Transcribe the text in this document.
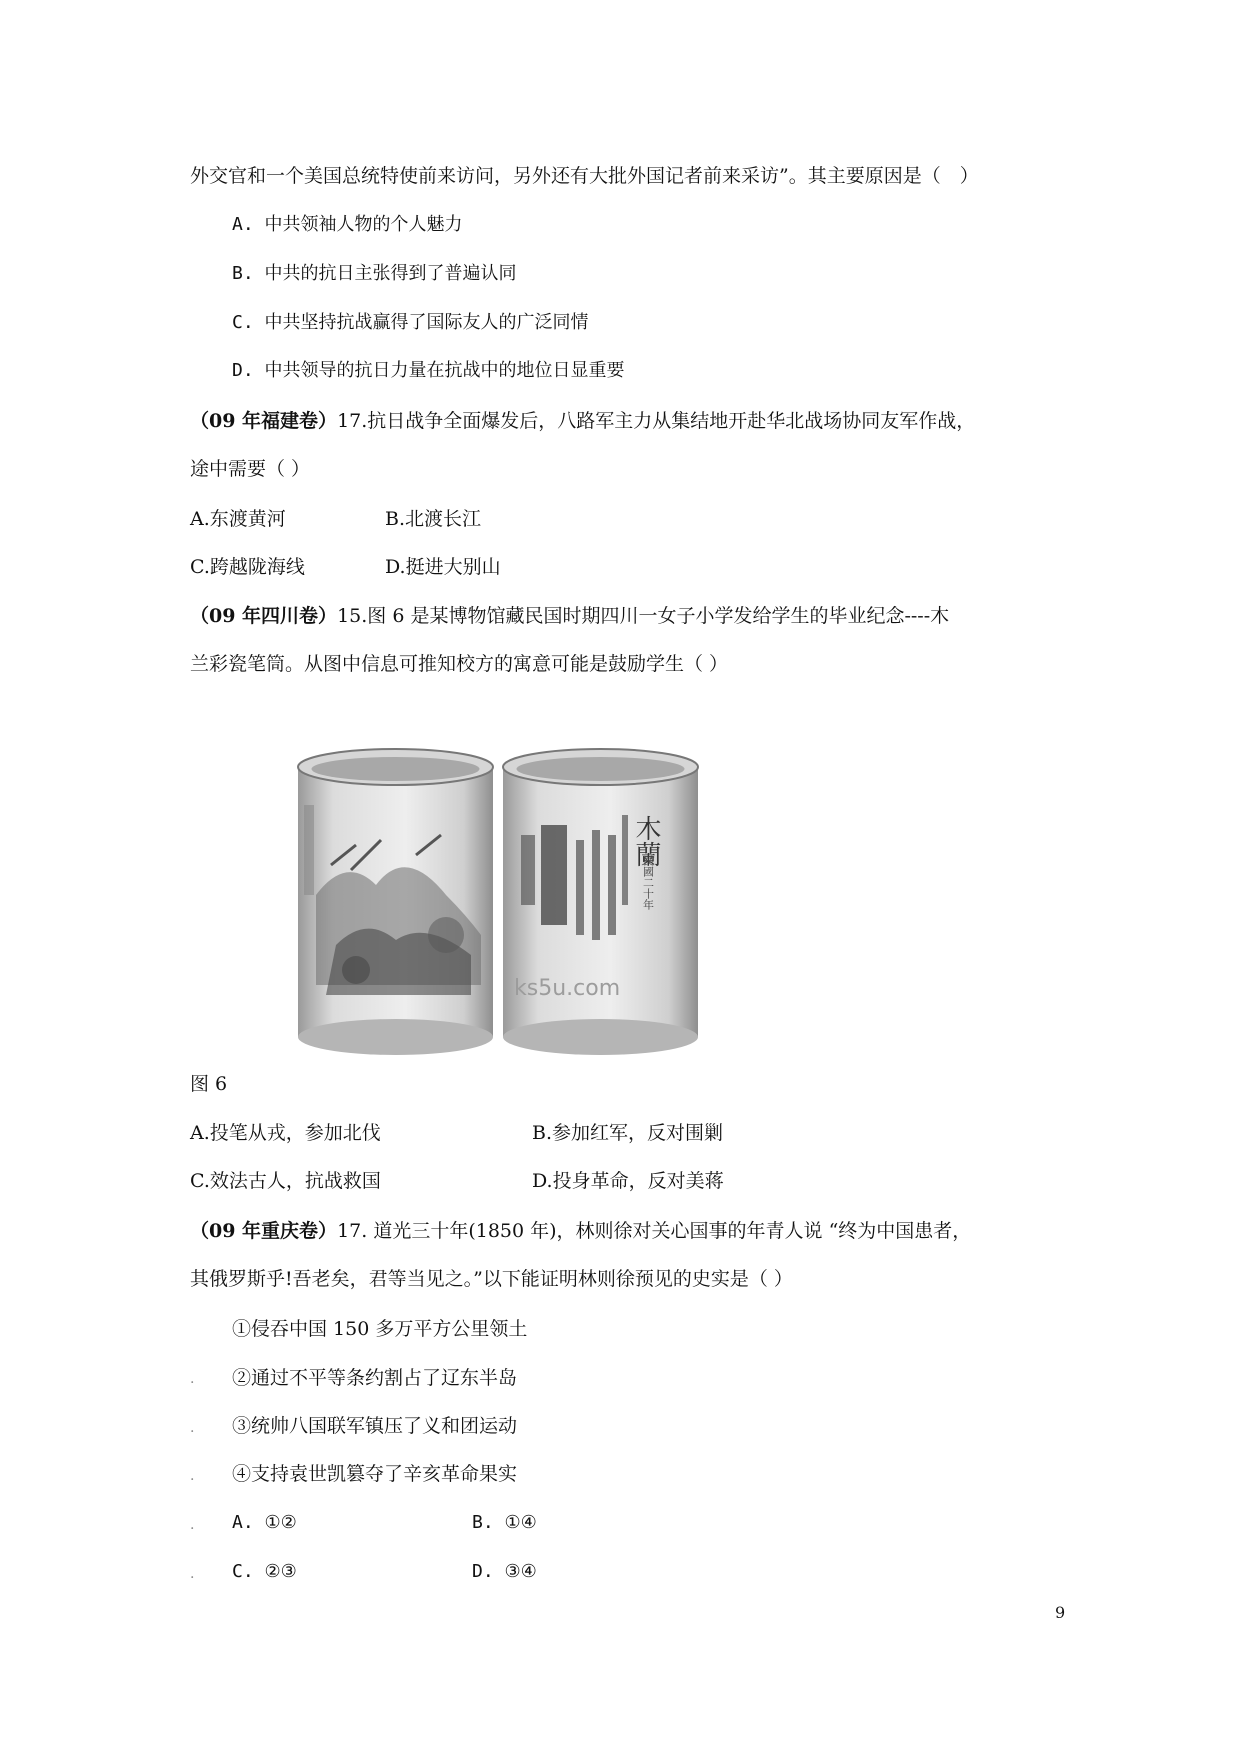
外交官和一个美国总统特使前来访问，另外还有大批外国记者前来采访”。其主要原因是（　）
A. 中共领袖人物的个人魅力
B. 中共的抗日主张得到了普遍认同
C. 中共坚持抗战赢得了国际友人的广泛同情
D. 中共领导的抗日力量在抗战中的地位日显重要
（09 年福建卷）17.抗日战争全面爆发后，八路军主力从集结地开赴华北战场协同友军作战，
途中需要（ ）
A.东渡黄河	B.北渡长江
C.跨越陇海线	D.挺进大别山
（09 年四川卷）15.图 6 是某博物馆藏民国时期四川一女子小学发给学生的毕业纪念----木
兰彩瓷笔筒。从图中信息可推知校方的寓意可能是鼓励学生（ ）
木蘭
民國二十年
ks5u.com
图 6
A.投笔从戎，参加北伐	B.参加红军，反对围剿
C.效法古人，抗战救国	D.投身革命，反对美蒋
（09 年重庆卷）17. 道光三十年(1850 年)，林则徐对关心国事的年青人说 “终为中国患者，
其俄罗斯乎!吾老矣，君等当见之。”以下能证明林则徐预见的史实是（ ）
①侵吞中国 150 多万平方公里领土
. ②通过不平等条约割占了辽东半岛
. ③统帅八国联军镇压了义和团运动
. ④支持袁世凯篡夺了辛亥革命果实
. A. ①②	B. ①④
. C. ②③	D. ③④
9
